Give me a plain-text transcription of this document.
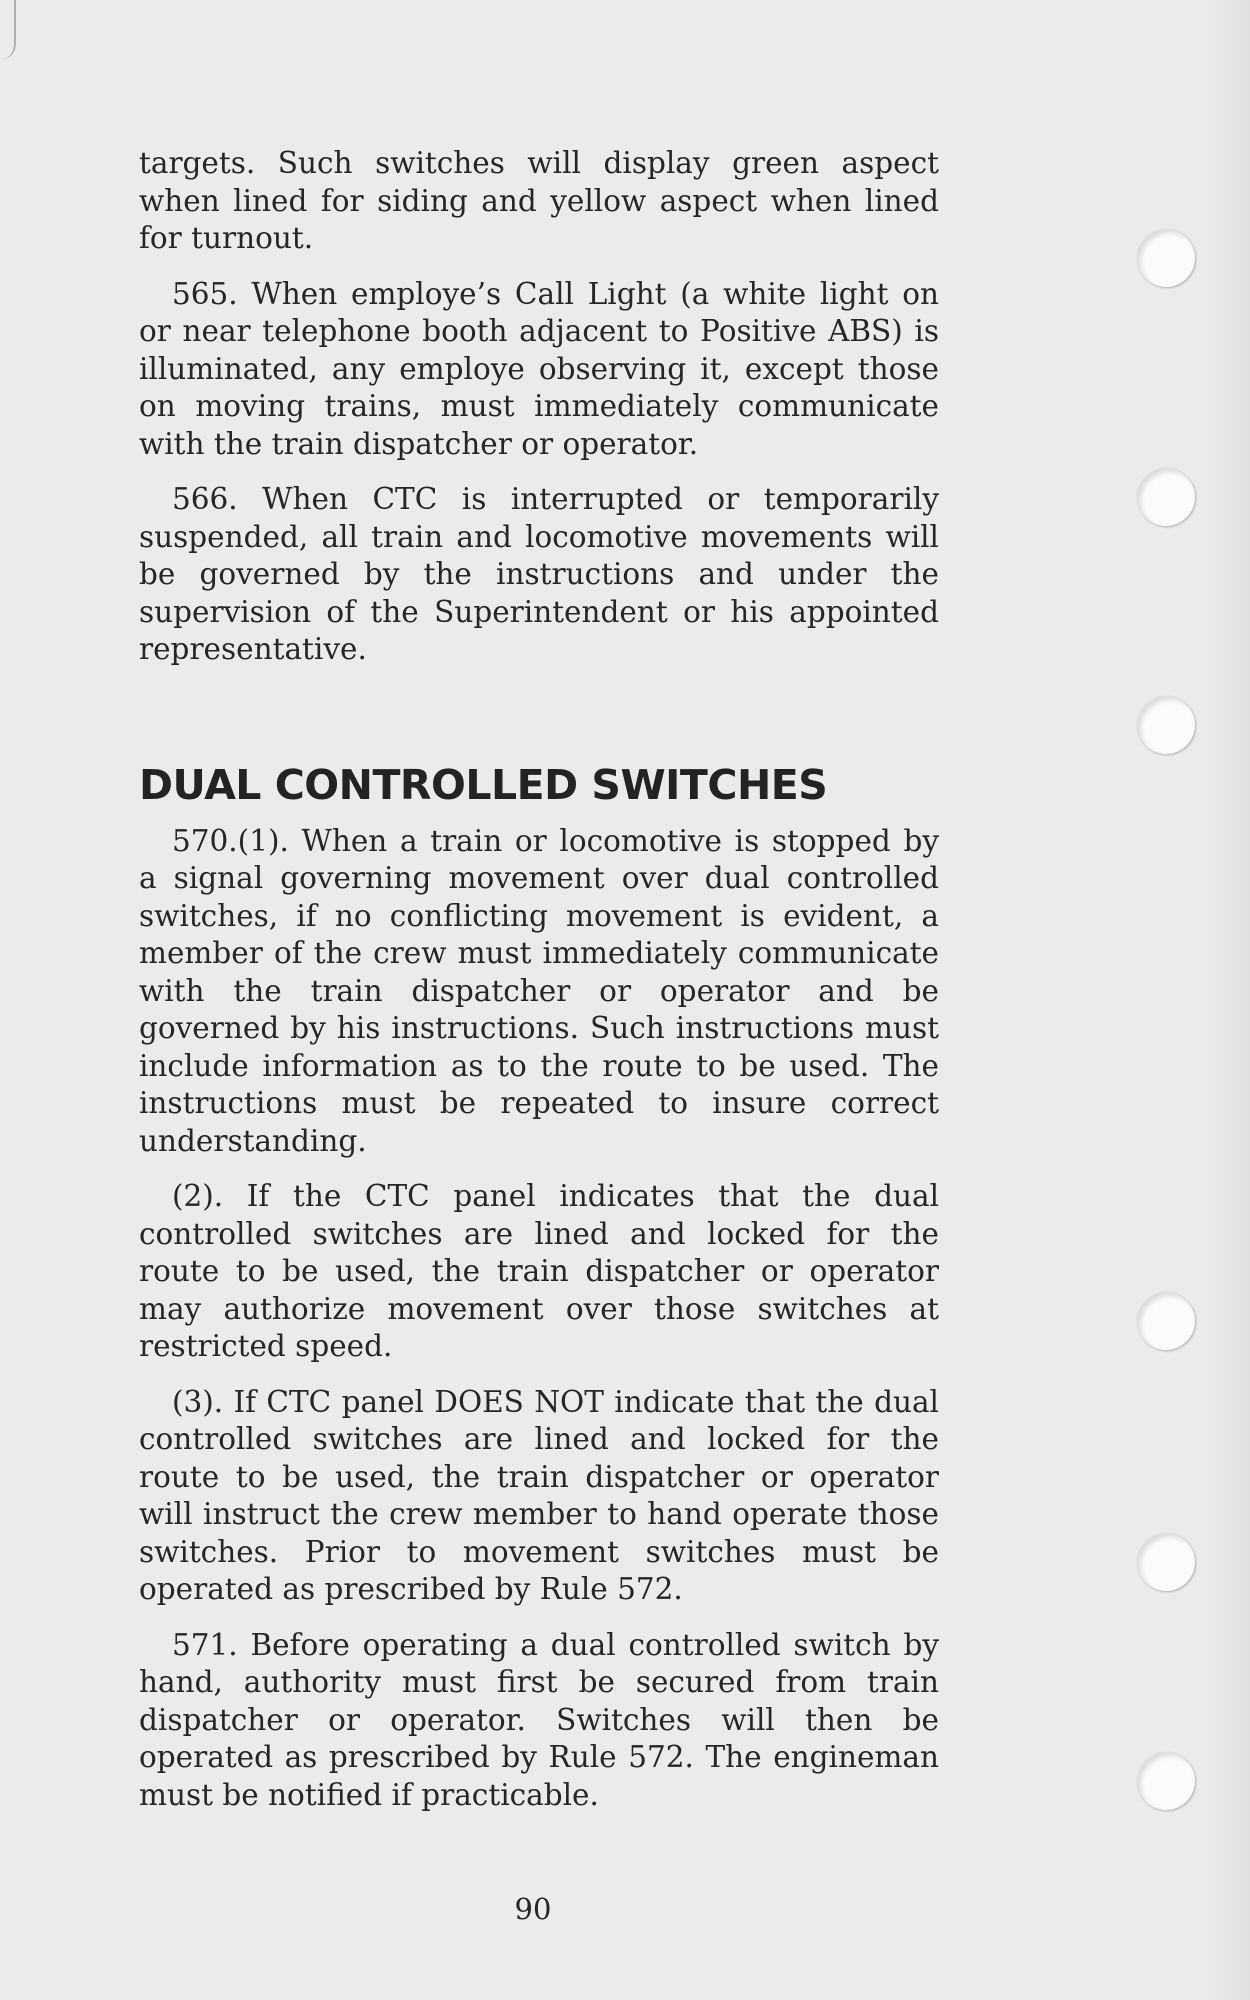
targets. Such switches will display green aspect when lined for siding and yellow aspect when lined for turnout.

565. When employe’s Call Light (a white light on or near telephone booth adjacent to Positive ABS) is illuminated, any employe observing it, except those on moving trains, must immediately communicate with the train dispatcher or operator.

566. When CTC is interrupted or temporarily suspended, all train and locomotive movements will be governed by the instructions and under the supervision of the Superintendent or his appointed representative.

DUAL CONTROLLED SWITCHES

570.(1). When a train or locomotive is stopped by a signal governing movement over dual controlled switches, if no conflicting movement is evident, a member of the crew must immediately communicate with the train dispatcher or operator and be governed by his instructions. Such instructions must include information as to the route to be used. The instructions must be repeated to insure correct understanding.

(2). If the CTC panel indicates that the dual controlled switches are lined and locked for the route to be used, the train dispatcher or operator may authorize movement over those switches at restricted speed.

(3). If CTC panel DOES NOT indicate that the dual controlled switches are lined and locked for the route to be used, the train dispatcher or operator will instruct the crew member to hand operate those switches. Prior to movement switches must be operated as prescribed by Rule 572.

571. Before operating a dual controlled switch by hand, authority must first be secured from train dispatcher or operator. Switches will then be operated as prescribed by Rule 572. The engineman must be notified if practicable.

90
